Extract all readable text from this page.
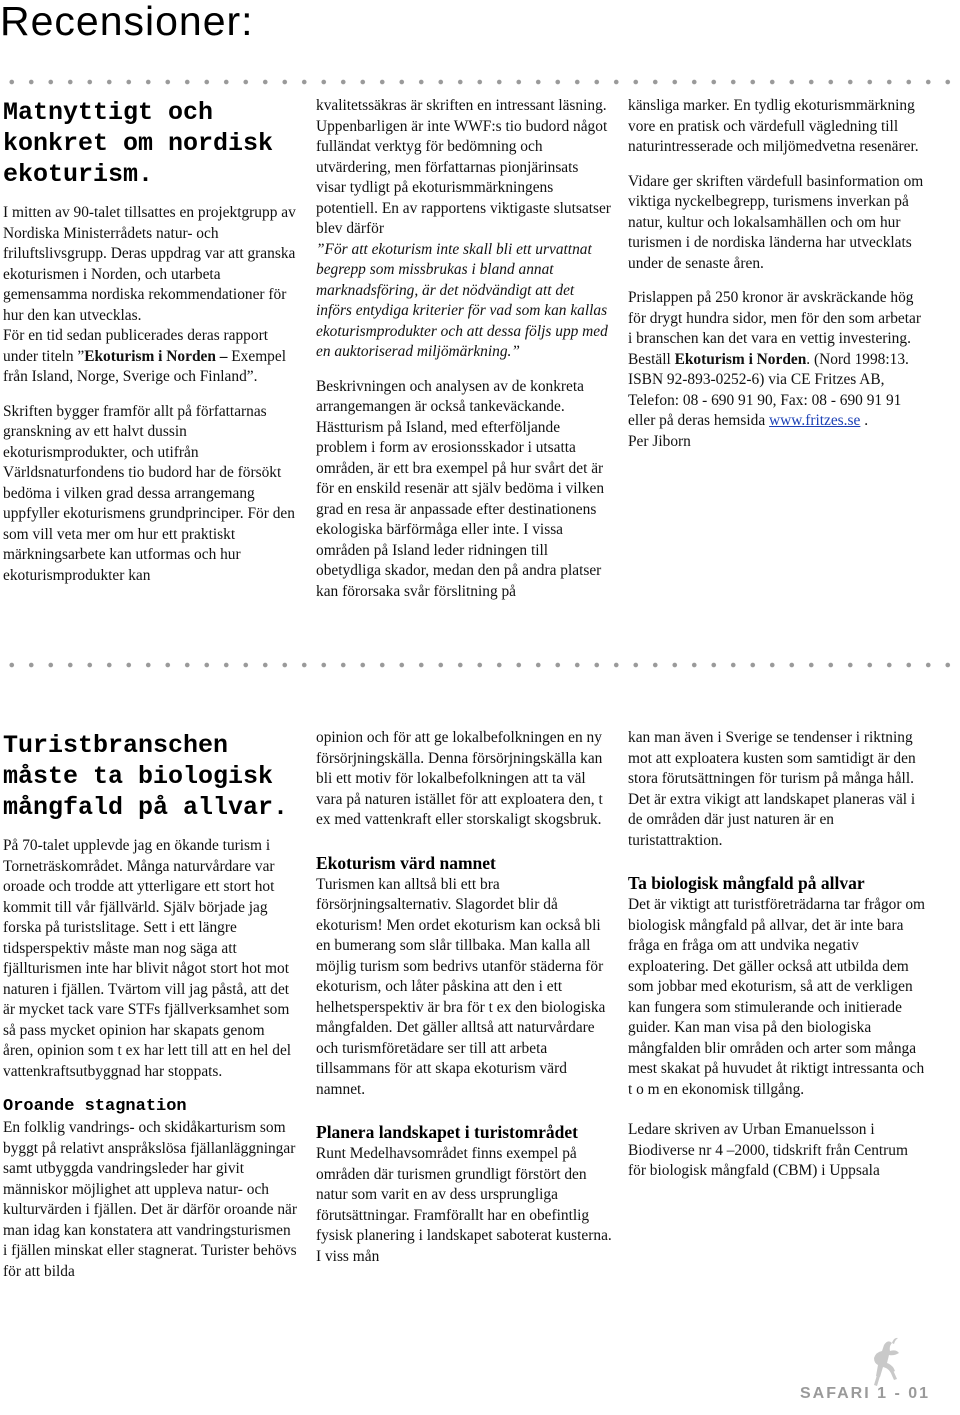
Recensioner:
Matnyttigt och konkret om nordisk ekoturism.

I mitten av 90-talet tillsattes en projektgrupp av Nordiska Ministerrådets natur- och friluftslivsgrupp. Deras uppdrag var att granska ekoturismen i Norden, och utarbeta gemensamma nordiska rekommendationer för hur den kan utvecklas.

För en tid sedan publicerades deras rapport under titeln ”Ekoturism i Norden – Exempel från Island, Norge, Sverige och Finland”.

Skriften bygger framför allt på författarnas granskning av ett halvt dussin ekoturismprodukter, och utifrån Världsnaturfondens tio budord har de försökt bedöma i vilken grad dessa arrangemang uppfyller ekoturismens grundprinciper. För den som vill veta mer om hur ett praktiskt märkningsarbete kan utformas och hur ekoturismprodukter kan

kvalitetssäkras är skriften en intressant läsning. Uppenbarligen är inte WWF:s tio budord något fulländat verktyg för bedömning och utvärdering, men författarnas pionjärinsats visar tydligt på ekoturismmärkningens potentiell. En av rapportens viktigaste slutsatser blev därför

”För att ekoturism inte skall bli ett urvattnat begrepp som missbrukas i bland annat marknadsföring, är det nödvändigt att det införs entydiga kriterier för vad som kan kallas ekoturismprodukter och att dessa följs upp med en auktoriserad miljömärkning.”

Beskrivningen och analysen av de konkreta arrangemangen är också tankeväckande. Hästturism på Island, med efterföljande problem i form av erosionsskador i utsatta områden, är ett bra exempel på hur svårt det är för en enskild resenär att själv bedöma i vilken grad en resa är anpassade efter destinationens ekologiska bärförmåga eller inte. I vissa områden på Island leder ridningen till obetydliga skador, medan den på andra platser kan förorsaka svår förslitning på

känsliga marker. En tydlig ekoturismmärkning vore en pratisk och värdefull vägledning till naturintresserade och miljömedvetna resenärer.

Vidare ger skriften värdefull basinformation om viktiga nyckelbegrepp, turismens inverkan på natur, kultur och lokalsamhällen och om hur turismen i de nordiska länderna har utvecklats under de senaste åren.

Prislappen på 250 kronor är avskräckande hög för drygt hundra sidor, men för den som arbetar i branschen kan det vara en vettig investering.

Beställ Ekoturism i Norden. (Nord 1998:13. ISBN 92-893-0252-6) via CE Fritzes AB, Telefon: 08 - 690 91 90, Fax: 08 - 690 91 91 eller på deras hemsida www.fritzes.se .

Per Jiborn

Turistbranschen måste ta biologisk mångfald på allvar.

På 70-talet upplevde jag en ökande turism i Torneträskområdet. Många naturvårdare var oroade och trodde att ytterligare ett stort hot kommit till vår fjällvärld. Själv började jag forska på turistslitage. Sett i ett längre tidsperspektiv måste man nog säga att fjällturismen inte har blivit något stort hot mot naturen i fjällen. Tvärtom vill jag påstå, att det är mycket tack vare STFs fjällverksamhet som så pass mycket opinion har skapats genom åren, opinion som t ex har lett till att en hel del vattenkraftsutbyggnad har stoppats.

Oroande stagnation

En folklig vandrings- och skidåkarturism som byggt på relativt anspråkslösa fjällanläggningar samt utbyggda vandringsleder har givit människor möjlighet att uppleva natur- och kulturvärden i fjällen. Det är därför oroande när man idag kan konstatera att vandringsturismen i fjällen minskat eller stagnerat. Turister behövs för att bilda

opinion och för att ge lokalbefolkningen en ny försörjningskälla. Denna försörjningskälla kan bli ett motiv för lokalbefolkningen att ta väl vara på naturen istället för att exploatera den, t ex med vattenkraft eller storskaligt skogsbruk.

Ekoturism värd namnet

Turismen kan alltså bli ett bra försörjningsalternativ. Slagordet blir då ekoturism! Men ordet ekoturism kan också bli en bumerang som slår tillbaka. Man kalla all möjlig turism som bedrivs utanför städerna för ekoturism, och låter påskina att den i ett helhetsperspektiv är bra för t ex den biologiska mångfalden. Det gäller alltså att naturvårdare och turismföretädare ser till att arbeta tillsammans för att skapa ekoturism värd namnet.

Planera landskapet i turistområdet

Runt Medelhavsområdet finns exempel på områden där turismen grundligt förstört den natur som varit en av dess ursprungliga förutsättningar. Framförallt har en obefintlig fysisk planering i landskapet saboterat kusterna. I viss mån

kan man även i Sverige se tendenser i riktning mot att exploatera kusten som samtidigt är den stora förutsättningen för turism på många håll. Det är extra vikigt att landskapet planeras väl i de områden där just naturen är en turistattraktion.

Ta biologisk mångfald på allvar

Det är viktigt att turistföreträdarna tar frågor om biologisk mångfald på allvar, det är inte bara fråga en fråga om att undvika negativ exploatering. Det gäller också att utbilda dem som jobbar med ekoturism, så att de verkligen kan fungera som stimulerande och initierade guider. Kan man visa på den biologiska mångfalden blir områden och arter som många mest skakat på huvudet åt riktigt intressanta och t o m en ekonomisk tillgång.

Ledare skriven av Urban Emanuelsson i Biodiverse nr 4 –2000, tidskrift från Centrum för biologisk mångfald (CBM) i Uppsala

SAFARI 1 - 01
